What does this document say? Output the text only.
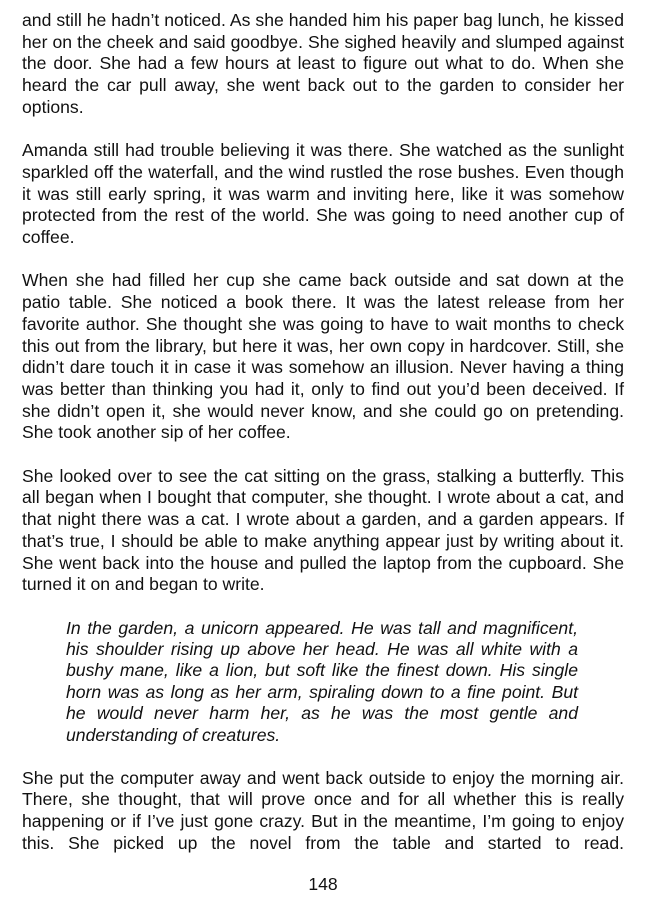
and still he hadn’t noticed. As she handed him his paper bag lunch, he kissed her on the cheek and said goodbye. She sighed heavily and slumped against the door. She had a few hours at least to figure out what to do. When she heard the car pull away, she went back out to the garden to consider her options.

Amanda still had trouble believing it was there. She watched as the sunlight sparkled off the waterfall, and the wind rustled the rose bushes. Even though it was still early spring, it was warm and inviting here, like it was somehow protected from the rest of the world. She was going to need another cup of coffee.

When she had filled her cup she came back outside and sat down at the patio table. She noticed a book there. It was the latest release from her favorite author. She thought she was going to have to wait months to check this out from the library, but here it was, her own copy in hardcover. Still, she didn’t dare touch it in case it was somehow an illusion. Never having a thing was better than thinking you had it, only to find out you’d been deceived. If she didn’t open it, she would never know, and she could go on pretending. She took another sip of her coffee.

She looked over to see the cat sitting on the grass, stalking a butterfly. This all began when I bought that computer, she thought. I wrote about a cat, and that night there was a cat. I wrote about a garden, and a garden appears. If that’s true, I should be able to make anything appear just by writing about it. She went back into the house and pulled the laptop from the cupboard. She turned it on and began to write.

In the garden, a unicorn appeared. He was tall and magnificent, his shoulder rising up above her head. He was all white with a bushy mane, like a lion, but soft like the finest down. His single horn was as long as her arm, spiraling down to a fine point. But he would never harm her, as he was the most gentle and understanding of creatures.

She put the computer away and went back outside to enjoy the morning air. There, she thought, that will prove once and for all whether this is really happening or if I’ve just gone crazy. But in the meantime, I’m going to enjoy this. She picked up the novel from the table and started to read.

148
